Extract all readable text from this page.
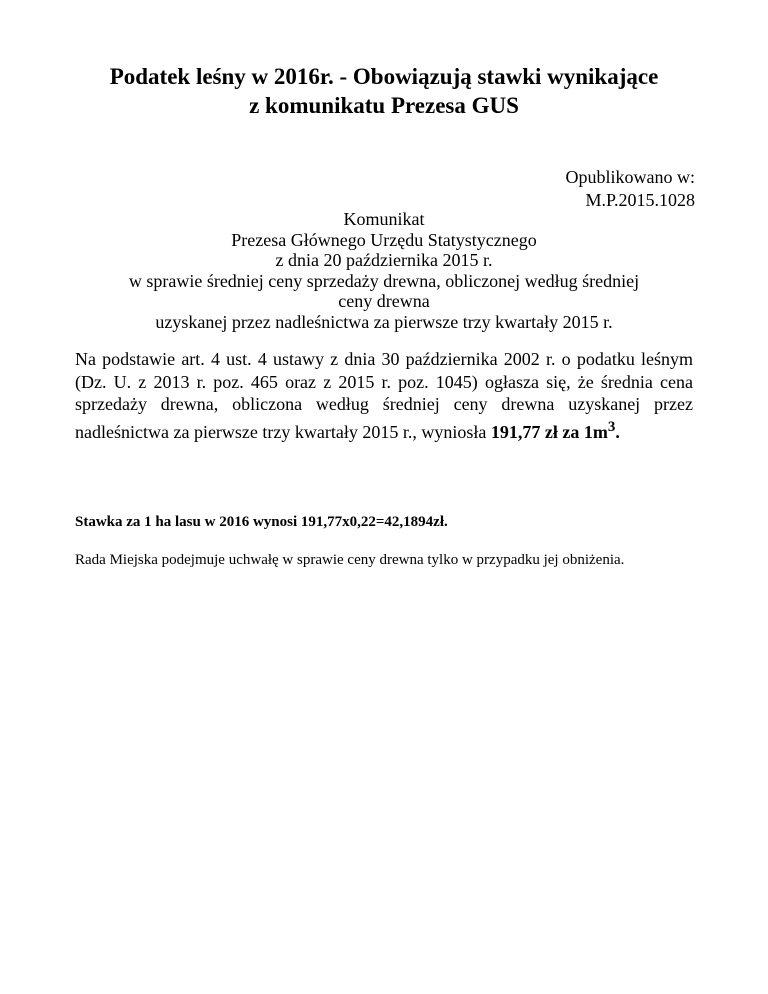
Podatek leśny w 2016r. - Obowiązują stawki wynikające
z komunikatu Prezesa GUS
Opublikowano w:
M.P.2015.1028
Komunikat
Prezesa Głównego Urzędu Statystycznego
z dnia 20 października 2015 r.
w sprawie średniej ceny sprzedaży drewna, obliczonej według średniej
ceny drewna
uzyskanej przez nadleśnictwa za pierwsze trzy kwartały 2015 r.

Na podstawie art. 4 ust. 4 ustawy z dnia 30 października 2002 r. o podatku leśnym (Dz. U. z 2013 r. poz. 465 oraz z 2015 r. poz. 1045) ogłasza się, że średnia cena sprzedaży drewna, obliczona według średniej ceny drewna uzyskanej przez nadleśnictwa za pierwsze trzy kwartały 2015 r., wyniosła 191,77 zł za $1m^3$.

Stawka za 1 ha lasu w 2016 wynosi 191,77x0,22=42,1894zł.

Rada Miejska podejmuje uchwałę w sprawie ceny drewna tylko w przypadku jej obniżenia.
